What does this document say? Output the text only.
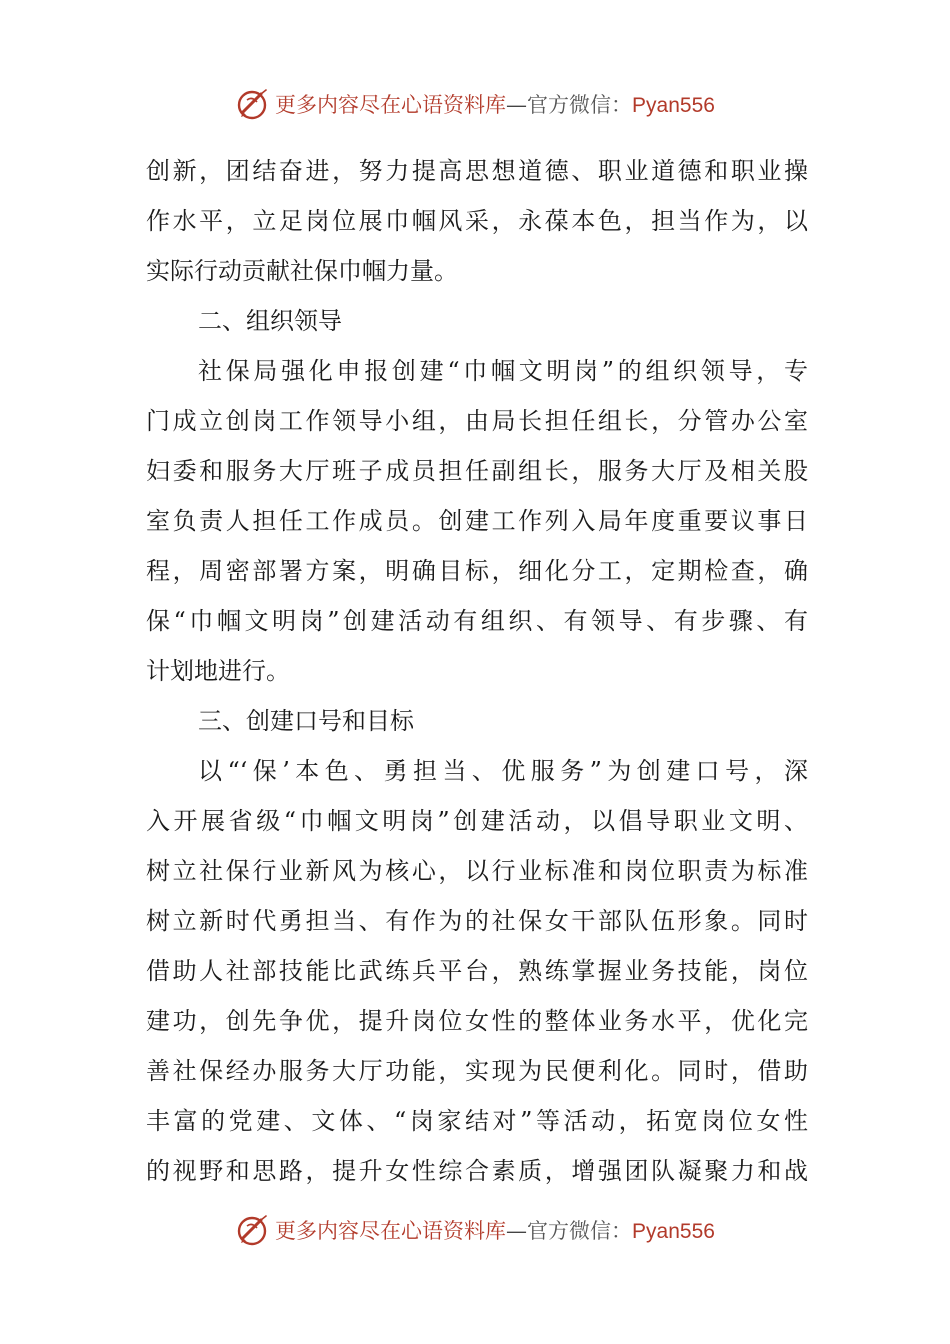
更多内容尽在心语资料库—官方微信：Pyan556
创新，团结奋进，努力提高思想道德、职业道德和职业操
作水平，立足岗位展巾帼风采，永葆本色，担当作为，以
实际行动贡献社保巾帼力量。
二、组织领导
社保局强化申报创建“巾帼文明岗”的组织领导，专
门成立创岗工作领导小组，由局长担任组长，分管办公室
妇委和服务大厅班子成员担任副组长，服务大厅及相关股
室负责人担任工作成员。创建工作列入局年度重要议事日
程，周密部署方案，明确目标，细化分工，定期检查，确
保“巾帼文明岗”创建活动有组织、有领导、有步骤、有
计划地进行。
三、创建口号和目标
以“‘保’本色、勇担当、优服务”为创建口号，深
入开展省级“巾帼文明岗”创建活动，以倡导职业文明、
树立社保行业新风为核心，以行业标准和岗位职责为标准
树立新时代勇担当、有作为的社保女干部队伍形象。同时
借助人社部技能比武练兵平台，熟练掌握业务技能，岗位
建功，创先争优，提升岗位女性的整体业务水平，优化完
善社保经办服务大厅功能，实现为民便利化。同时，借助
丰富的党建、文体、“岗家结对”等活动，拓宽岗位女性
的视野和思路，提升女性综合素质，增强团队凝聚力和战
更多内容尽在心语资料库—官方微信：Pyan556
